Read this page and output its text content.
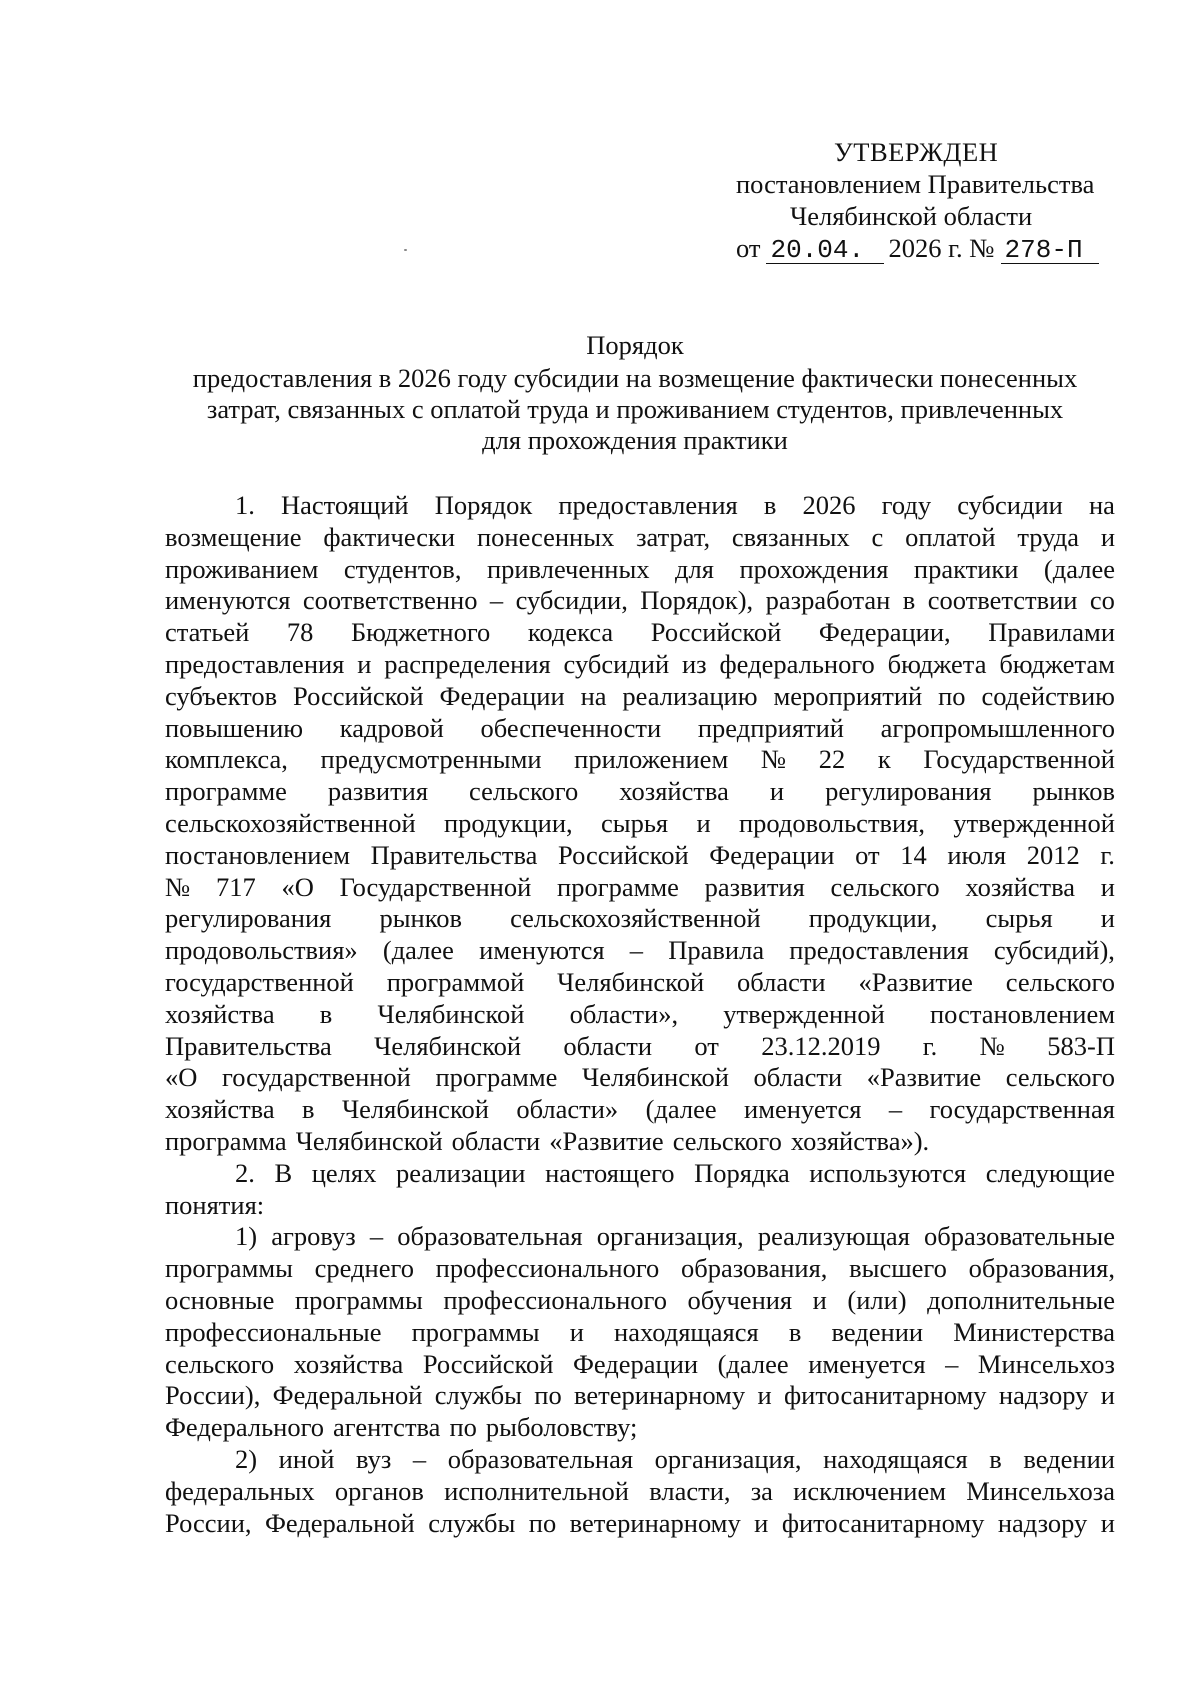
УТВЕРЖДЕН
постановлением Правительства
Челябинской области
от 20.04. 2026 г. № 278-П
Порядок
предоставления в 2026 году субсидии на возмещение фактически понесенных
затрат, связанных с оплатой труда и проживанием студентов, привлеченных
для прохождения практики
1. Настоящий Порядок предоставления в 2026 году субсидии на
возмещение фактически понесенных затрат, связанных с оплатой труда и
проживанием студентов, привлеченных для прохождения практики (далее
именуются соответственно – субсидии, Порядок), разработан в соответствии со
статьей 78 Бюджетного кодекса Российской Федерации, Правилами
предоставления и распределения субсидий из федерального бюджета бюджетам
субъектов Российской Федерации на реализацию мероприятий по содействию
повышению кадровой обеспеченности предприятий агропромышленного
комплекса, предусмотренными приложением № 22 к Государственной
программе развития сельского хозяйства и регулирования рынков
сельскохозяйственной продукции, сырья и продовольствия, утвержденной
постановлением Правительства Российской Федерации от 14 июля 2012 г.
№ 717 «О Государственной программе развития сельского хозяйства и
регулирования рынков сельскохозяйственной продукции, сырья и
продовольствия» (далее именуются – Правила предоставления субсидий),
государственной программой Челябинской области «Развитие сельского
хозяйства в Челябинской области», утвержденной постановлением
Правительства Челябинской области от 23.12.2019 г. № 583-П
«О государственной программе Челябинской области «Развитие сельского
хозяйства в Челябинской области» (далее именуется – государственная
программа Челябинской области «Развитие сельского хозяйства»).
2. В целях реализации настоящего Порядка используются следующие
понятия:
1) агровуз – образовательная организация, реализующая образовательные
программы среднего профессионального образования, высшего образования,
основные программы профессионального обучения и (или) дополнительные
профессиональные программы и находящаяся в ведении Министерства
сельского хозяйства Российской Федерации (далее именуется – Минсельхоз
России), Федеральной службы по ветеринарному и фитосанитарному надзору и
Федерального агентства по рыболовству;
2) иной вуз – образовательная организация, находящаяся в ведении
федеральных органов исполнительной власти, за исключением Минсельхоза
России, Федеральной службы по ветеринарному и фитосанитарному надзору и
